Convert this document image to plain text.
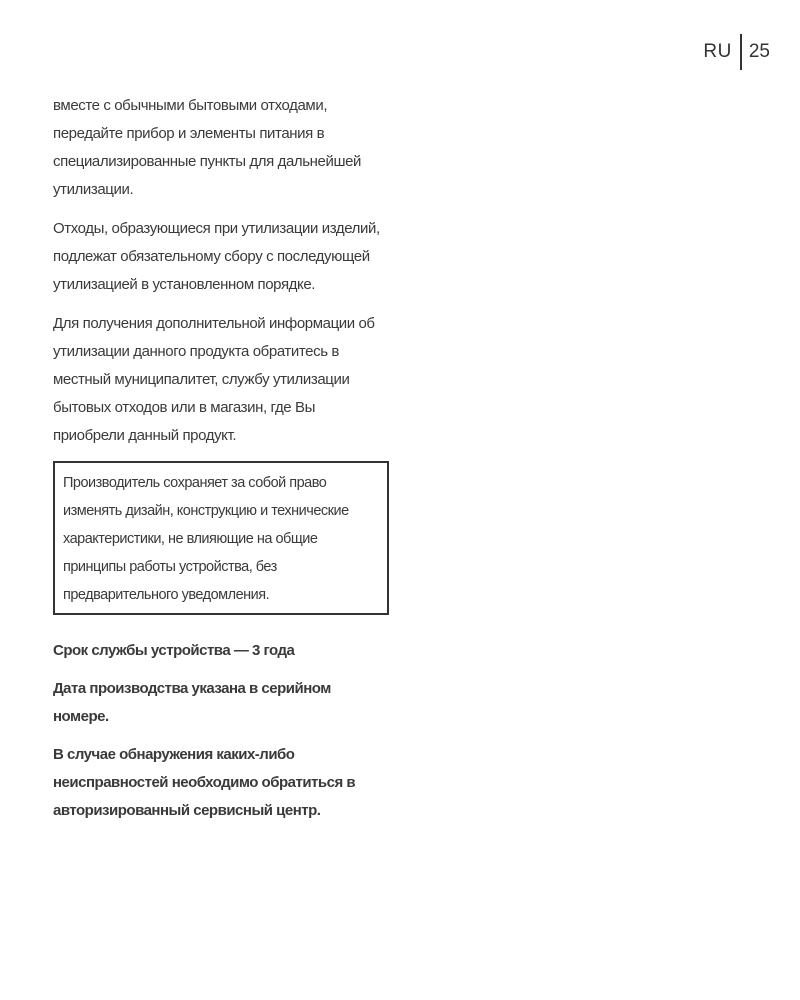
RU 25

вместе с обычными бытовыми отходами, передайте прибор и элементы питания в специализированные пункты для дальнейшей утилизации.

Отходы, образующиеся при утилизации изделий, подлежат обязательному сбору с последующей утилизацией в установленном порядке.

Для получения дополнительной информации об утилизации данного продукта обратитесь в местный муниципалитет, службу утилизации бытовых отходов или в магазин, где Вы приобрели данный продукт.

Производитель сохраняет за собой право изменять дизайн, конструкцию и технические характеристики, не влияющие на общие принципы работы устройства, без предварительного уведомления.

Срок службы устройства — 3 года

Дата производства указана в серийном номере.

В случае обнаружения каких-либо неисправностей необходимо обратиться в авторизированный сервисный центр.
